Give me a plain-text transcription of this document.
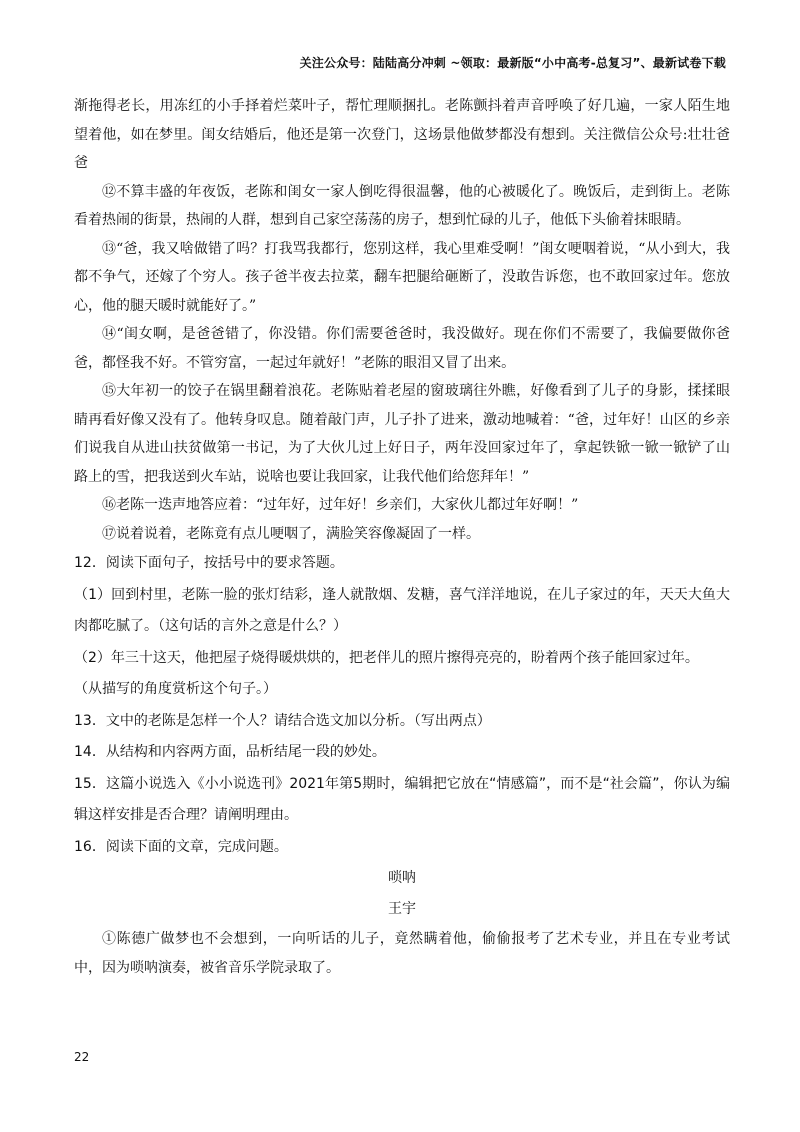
关注公众号：陆陆高分冲刺 ~领取：最新版“小中高考-总复习”、最新试卷下载
渐拖得老长，用冻红的小手择着烂菜叶子，帮忙理顺捆扎。老陈颤抖着声音呼唤了好几遍，一家人陌生地望着他，如在梦里。闺女结婚后，他还是第一次登门，这场景他做梦都没有想到。关注微信公众号:壮壮爸爸
⑫不算丰盛的年夜饭，老陈和闺女一家人倒吃得很温馨，他的心被暖化了。晚饭后，走到街上。老陈看着热闹的街景，热闹的人群，想到自己家空荡荡的房子，想到忙碌的儿子，他低下头偷着抹眼睛。
⑬“爸，我又啥做错了吗？打我骂我都行，您别这样，我心里难受啊！”闺女哽咽着说，“从小到大，我都不争气，还嫁了个穷人。孩子爸半夜去拉菜，翻车把腿给砸断了，没敢告诉您，也不敢回家过年。您放心，他的腿天暖时就能好了。”
⑭“闺女啊，是爸爸错了，你没错。你们需要爸爸时，我没做好。现在你们不需要了，我偏要做你爸爸，都怪我不好。不管穷富，一起过年就好！”老陈的眼泪又冒了出来。
⑮大年初一的饺子在锅里翻着浪花。老陈贴着老屋的窗玻璃往外瞧，好像看到了儿子的身影，揉揉眼睛再看好像又没有了。他转身叹息。随着敲门声，儿子扑了进来，激动地喊着：“爸，过年好！山区的乡亲们说我自从进山扶贫做第一书记，为了大伙儿过上好日子，两年没回家过年了，拿起铁锨一锨一锨铲了山路上的雪，把我送到火车站，说啥也要让我回家，让我代他们给您拜年！”
⑯老陈一迭声地答应着：“过年好，过年好！乡亲们，大家伙儿都过年好啊！”
⑰说着说着，老陈竟有点儿哽咽了，满脸笑容像凝固了一样。
12．阅读下面句子，按括号中的要求答题。
（1）回到村里，老陈一脸的张灯结彩，逢人就散烟、发糖，喜气洋洋地说，在儿子家过的年，天天大鱼大肉都吃腻了。（这句话的言外之意是什么？）
（2）年三十这天，他把屋子烧得暖烘烘的，把老伴儿的照片擦得亮亮的，盼着两个孩子能回家过年。
（从描写的角度赏析这个句子。）
13．文中的老陈是怎样一个人？请结合选文加以分析。（写出两点）
14．从结构和内容两方面，品析结尾一段的妙处。
15．这篇小说选入《小小说选刊》2021年第5期时，编辑把它放在“情感篇”，而不是“社会篇”，你认为编辑这样安排是否合理？请阐明理由。
16．阅读下面的文章，完成问题。
唢呐
王宇
①陈德广做梦也不会想到，一向听话的儿子，竟然瞒着他，偷偷报考了艺术专业，并且在专业考试中，因为唢呐演奏，被省音乐学院录取了。
22
